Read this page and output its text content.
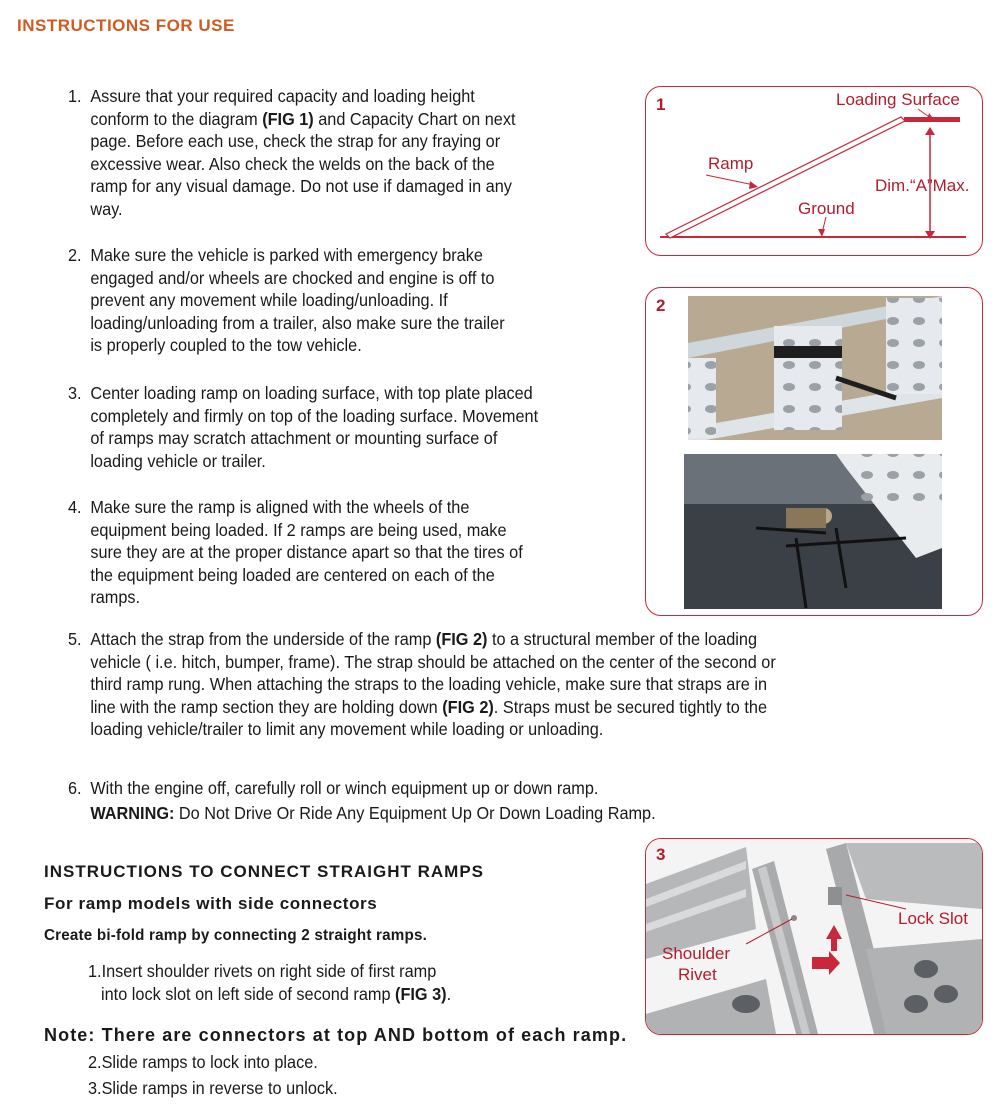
INSTRUCTIONS FOR USE
1. Assure that your required capacity and loading height conform to the diagram (FIG 1) and Capacity Chart on next page. Before each use, check the strap for any fraying or excessive wear. Also check the welds on the back of the ramp for any visual damage. Do not use if damaged in any way.
2. Make sure the vehicle is parked with emergency brake engaged and/or wheels are chocked and engine is off to prevent any movement while loading/unloading. If loading/unloading from a trailer, also make sure the trailer is properly coupled to the tow vehicle.
3. Center loading ramp on loading surface, with top plate placed completely and firmly on top of the loading surface. Movement of ramps may scratch attachment or mounting surface of loading vehicle or trailer.
4. Make sure the ramp is aligned with the wheels of the equipment being loaded. If 2 ramps are being used, make sure they are at the proper distance apart so that the tires of the equipment being loaded are centered on each of the ramps.
5. Attach the strap from the underside of the ramp (FIG 2) to a structural member of the loading vehicle ( i.e. hitch, bumper, frame). The strap should be attached on the center of the second or third ramp rung. When attaching the straps to the loading vehicle, make sure that straps are in line with the ramp section they are holding down (FIG 2). Straps must be secured tightly to the loading vehicle/trailer to limit any movement while loading or unloading.
6. With the engine off, carefully roll or winch equipment up or down ramp.
WARNING: Do Not Drive Or Ride Any Equipment Up Or Down Loading Ramp.
1	Loading Surface
Ramp
Dim.“A”Max.
Ground
2
Shoulder
Rivet
Lock Slot
3
INSTRUCTIONS TO CONNECT STRAIGHT RAMPS
For ramp models with side connectors
Create bi-fold ramp by connecting 2 straight ramps.
1.Insert shoulder rivets on right side of first ramp
into lock slot on left side of second ramp (FIG 3).
Note: There are connectors at top AND bottom of each ramp.
2.Slide ramps to lock into place.
3.Slide ramps in reverse to unlock.
